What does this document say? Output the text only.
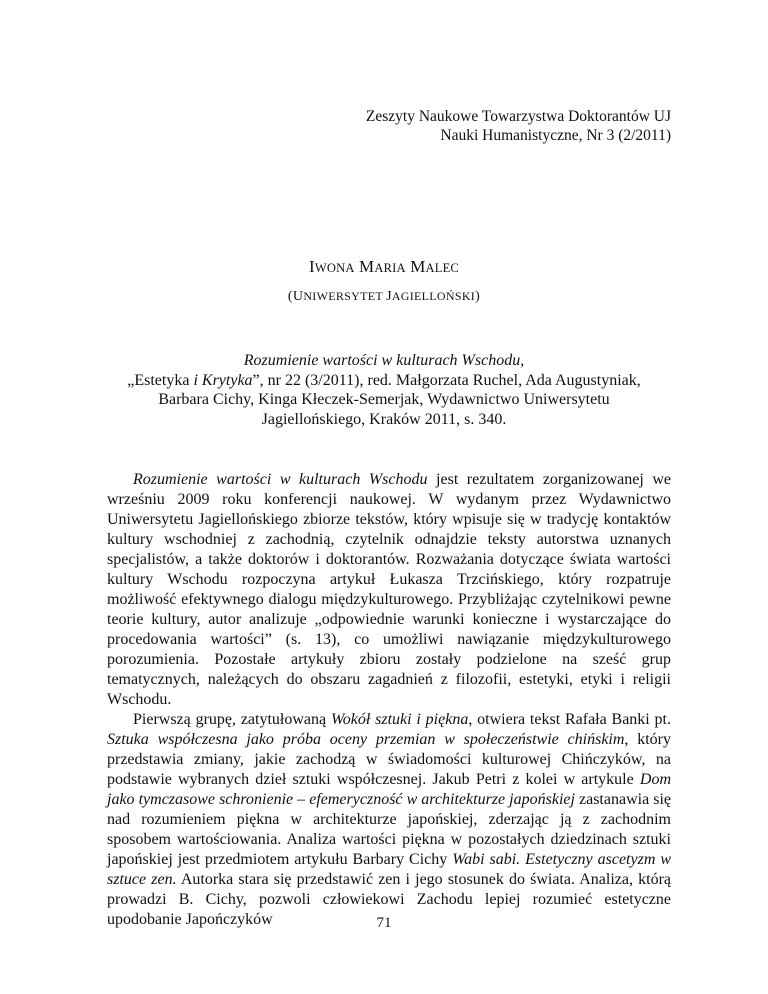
Zeszyty Naukowe Towarzystwa Doktorantów UJ
Nauki Humanistyczne, Nr 3 (2/2011)
IWONA MARIA MALEC
(UNIWERSYTET JAGIELLOŃSKI)
Rozumienie wartości w kulturach Wschodu,
„Estetyka i Krytyka”, nr 22 (3/2011), red. Małgorzata Ruchel, Ada Augustyniak,
Barbara Cichy, Kinga Kłeczek-Semerjak, Wydawnictwo Uniwersytetu
Jagiellońskiego, Kraków 2011, s. 340.

Rozumienie wartości w kulturach Wschodu jest rezultatem zorganizowanej we wrześniu 2009 roku konferencji naukowej. W wydanym przez Wydawnictwo Uniwersytetu Jagiellońskiego zbiorze tekstów, który wpisuje się w tradycję kontaktów kultury wschodniej z zachodnią, czytelnik odnajdzie teksty autorstwa uznanych specjalistów, a także doktorów i doktorantów. Rozważania dotyczące świata wartości kultury Wschodu rozpoczyna artykuł Łukasza Trzcińskiego, który rozpatruje możliwość efektywnego dialogu międzykulturowego. Przybliżając czytelnikowi pewne teorie kultury, autor analizuje „odpowiednie warunki konieczne i wystarczające do procedowania wartości” (s. 13), co umożliwi nawiązanie międzykulturowego porozumienia. Pozostałe artykuły zbioru zostały podzielone na sześć grup tematycznych, należących do obszaru zagadnień z filozofii, estetyki, etyki i religii Wschodu.

Pierwszą grupę, zatytułowaną Wokół sztuki i piękna, otwiera tekst Rafała Banki pt. Sztuka współczesna jako próba oceny przemian w społeczeństwie chińskim, który przedstawia zmiany, jakie zachodzą w świadomości kulturowej Chińczyków, na podstawie wybranych dzieł sztuki współczesnej. Jakub Petri z kolei w artykule Dom jako tymczasowe schronienie – efemeryczność w architekturze japońskiej zastanawia się nad rozumieniem piękna w architekturze japońskiej, zderzając ją z zachodnim sposobem wartościowania. Analiza wartości piękna w pozostałych dziedzinach sztuki japońskiej jest przedmiotem artykułu Barbary Cichy Wabi sabi. Estetyczny ascetyzm w sztuce zen. Autorka stara się przedstawić zen i jego stosunek do świata. Analiza, którą prowadzi B. Cichy, pozwoli człowiekowi Zachodu lepiej rozumieć estetyczne upodobanie Japończyków	71
